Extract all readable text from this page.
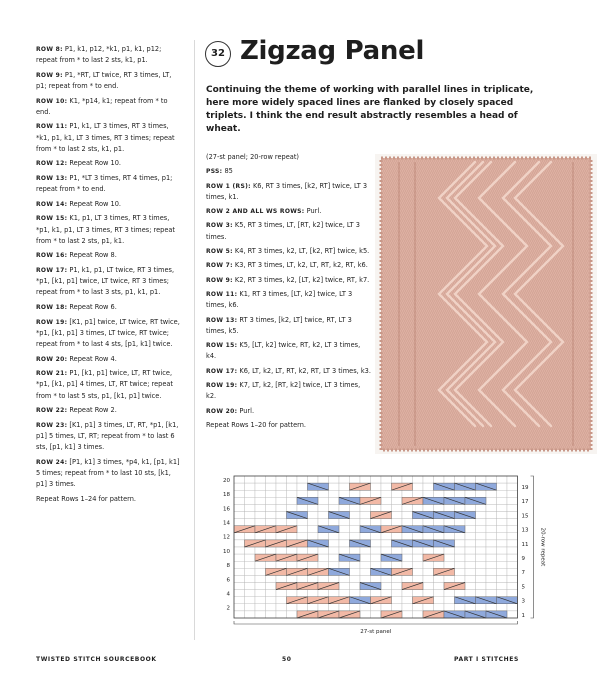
ROW 8: P1, k1, p12, *k1, p1, k1, p12; repeat from * to last 2 sts, k1, p1.

ROW 9: P1, *RT, LT twice, RT 3 times, LT, p1; repeat from * to end.

ROW 10: K1, *p14, k1; repeat from * to end.

ROW 11: P1, k1, LT 3 times, RT 3 times, *k1, p1, k1, LT 3 times, RT 3 times; repeat from * to last 2 sts, k1, p1.

ROW 12: Repeat Row 10.

ROW 13: P1, *LT 3 times, RT 4 times, p1; repeat from * to end.

ROW 14: Repeat Row 10.

ROW 15: K1, p1, LT 3 times, RT 3 times, *p1, k1, p1, LT 3 times, RT 3 times; repeat from * to last 2 sts, p1, k1.

ROW 16: Repeat Row 8.

ROW 17: P1, k1, p1, LT twice, RT 3 times, *p1, [k1, p1] twice, LT twice, RT 3 times; repeat from * to last 3 sts, p1, k1, p1.

ROW 18: Repeat Row 6.

ROW 19: [K1, p1] twice, LT twice, RT twice, *p1, [k1, p1] 3 times, LT twice, RT twice; repeat from * to last 4 sts, [p1, k1] twice.

ROW 20: Repeat Row 4.

ROW 21: P1, [k1, p1] twice, LT, RT twice, *p1, [k1, p1] 4 times, LT, RT twice; repeat from * to last 5 sts, p1, [k1, p1] twice.

ROW 22: Repeat Row 2.

ROW 23: [K1, p1] 3 times, LT, RT, *p1, [k1, p1] 5 times, LT, RT; repeat from * to last 6 sts, [p1, k1] 3 times.

ROW 24: [P1, k1] 3 times, *p4, k1, [p1, k1] 5 times; repeat from * to last 10 sts, [k1, p1] 3 times.

Repeat Rows 1–24 for pattern.

32 Zigzag Panel

Continuing the theme of working with parallel lines in triplicate, here more widely spaced lines are flanked by closely spaced triplets. I think the end result abstractly resembles a head of wheat.

(27-st panel; 20-row repeat)

PSS: 85

ROW 1 (RS): K6, RT 3 times, [k2, RT] twice, LT 3 times, k1.

ROW 2 AND ALL WS ROWS: Purl.

ROW 3: K5, RT 3 times, LT, [RT, k2] twice, LT 3 times.

ROW 5: K4, RT 3 times, k2, LT, [k2, RT] twice, k5.

ROW 7: K3, RT 3 times, LT, k2, LT, RT, k2, RT, k6.

ROW 9: K2, RT 3 times, k2, [LT, k2] twice, RT, k7.

ROW 11: K1, RT 3 times, [LT, k2] twice, LT 3 times, k6.

ROW 13: RT 3 times, [k2, LT] twice, RT, LT 3 times, k5.

ROW 15: K5, [LT, k2] twice, RT, k2, LT 3 times, k4.

ROW 17: K6, LT, k2, LT, RT, k2, RT, LT 3 times, k3.

ROW 19: K7, LT, k2, [RT, k2] twice, LT 3 times, k2.

ROW 20: Purl.

Repeat Rows 1–20 for pattern.

20
18
16
14
12
10
8
6
4
2
19
17
15
13
11
9
7
5
3
1
20-row repeat
27-st panel
TWISTED STITCH SOURCEBOOK	50	PART I STITCHES
